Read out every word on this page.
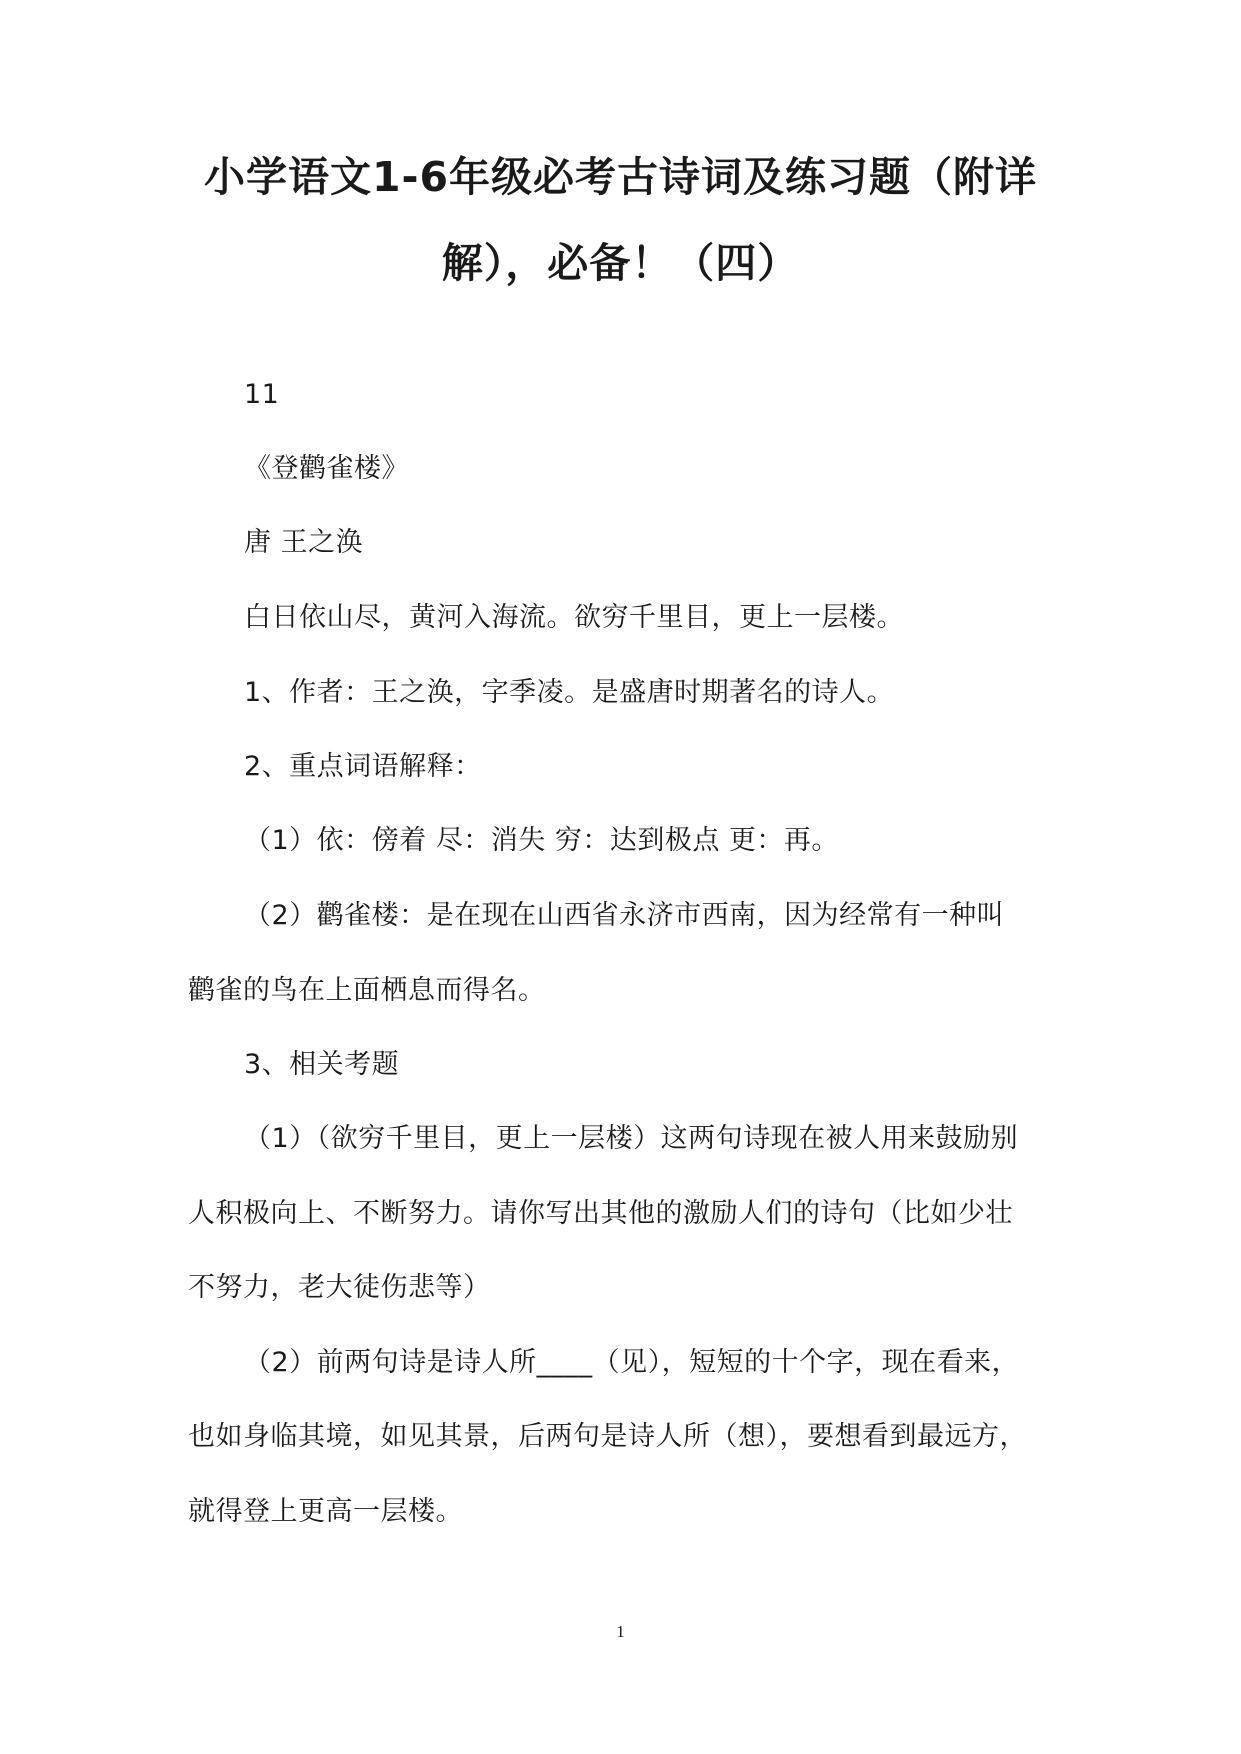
小学语文1-6年级必考古诗词及练习题（附详
解），必备！（四）
11
《登鹳雀楼》
唐 王之涣
白日依山尽，黄河入海流。欲穷千里目，更上一层楼。
1、作者：王之涣，字季凌。是盛唐时期著名的诗人。
2、重点词语解释：
（1）依：傍着 尽：消失 穷：达到极点 更：再。
（2）鹳雀楼：是在现在山西省永济市西南，因为经常有一种叫
鹳雀的鸟在上面栖息而得名。
3、相关考题
（1）（欲穷千里目，更上一层楼）这两句诗现在被人用来鼓励别
人积极向上、不断努力。请你写出其他的激励人们的诗句（比如少壮
不努力，老大徒伤悲等）
（2）前两句诗是诗人所____（见），短短的十个字，现在看来，
也如身临其境，如见其景，后两句是诗人所（想），要想看到最远方，
就得登上更高一层楼。
1
